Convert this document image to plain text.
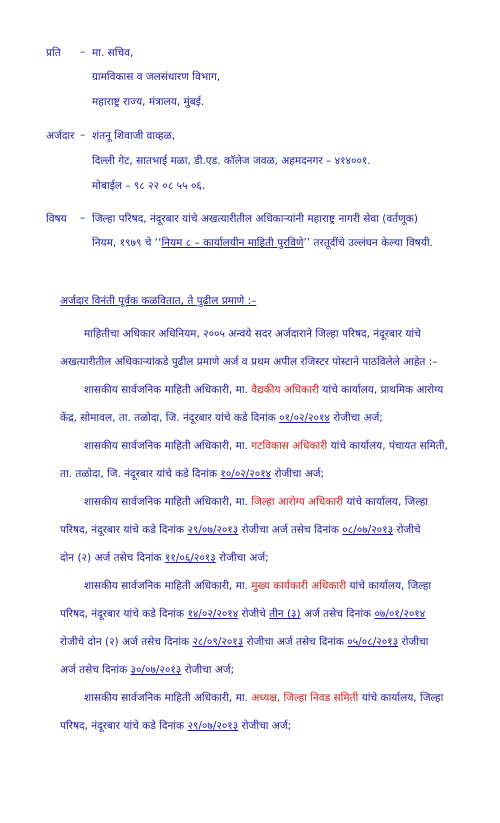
प्रति – मा. सचिव,
ग्रामविकास व जलसंधारण विभाग,
महाराष्ट्र राज्य, मंत्रालय, मुंबई.
अर्जदार – शंतनू शिवाजी वाव्हळ,
दिल्ली गेट, सातभाई मळा, डी.एड. कॉलेज जवळ, अहमदनगर – ४१४००१.
मोबाईल – ९८ २२ ०८ ५५ ०६.
विषय – जिल्हा परिषद, नंदूरबार यांचे अखत्यारीतील अधिकाऱ्यांनी महाराष्ट्र नागरी सेवा (वर्तणूक)
नियम, १९७९ चे ‘‘नियम ८ – कार्यालयीन माहिती पुरविणे’’ तरतूदींचे उल्लंघन केल्या विषयी.
अर्जदार विनंती पूर्वक कळवितात, ते पुढील प्रमाणे :–
माहितीचा अधिकार अधिनियम, २००५ अन्वये सदर अर्जदाराने जिल्हा परिषद, नंदूरबार यांचे
अखत्यारीतील अधिकाऱ्यांकडे पुढील प्रमाणे अर्ज व प्रथम अपील रजिस्टर पोस्टाने पाठविलेले आहेत :–
शासकीय सार्वजनिक माहिती अधिकारी, मा. वैद्यकीय अधिकारी यांचे कार्यालय, प्राथमिक आरोग्य
केंद्र, सोमावल, ता. तळोदा, जि. नंदूरबार यांचे कडे दिनांक ०१/०२/२०१४ रोजीचा अर्ज;
शासकीय सार्वजनिक माहिती अधिकारी, मा. गटविकास अधिकारी यांचे कार्यालय, पंचायत समिती,
ता. तळोदा, जि. नंदूरबार यांचे कडे दिनांक १०/०२/२०१४ रोजीचा अर्ज;
शासकीय सार्वजनिक माहिती अधिकारी, मा. जिल्हा आरोग्य अधिकारी यांचे कार्यालय, जिल्हा
परिषद, नंदूरबार यांचे कडे दिनांक २९/०७/२०१३ रोजीचा अर्ज तसेच दिनांक ०८/०७/२०१३ रोजीचे
दोन (२) अर्ज तसेच दिनांक ११/०६/२०१३ रोजीचा अर्ज;
शासकीय सार्वजनिक माहिती अधिकारी, मा. मुख्य कार्यकारी अधिकारी यांचे कार्यालय, जिल्हा
परिषद, नंदूरबार यांचे कडे दिनांक १४/०२/२०१४ रोजीचे तीन (३) अर्ज तसेच दिनांक ०७/०१/२०१४
रोजीचे दोन (२) अर्ज तसेच दिनांक २८/०९/२०१३ रोजीचा अर्ज तसेच दिनांक ०५/०८/२०१३ रोजीचा
अर्ज तसेच दिनांक ३०/०७/२०१३ रोजीचा अर्ज;
शासकीय सार्वजनिक माहिती अधिकारी, मा. अध्यक्ष, जिल्हा निवड समिती यांचे कार्यालय, जिल्हा
परिषद, नंदूरबार यांचे कडे दिनांक २९/०७/२०१३ रोजीचा अर्ज;
